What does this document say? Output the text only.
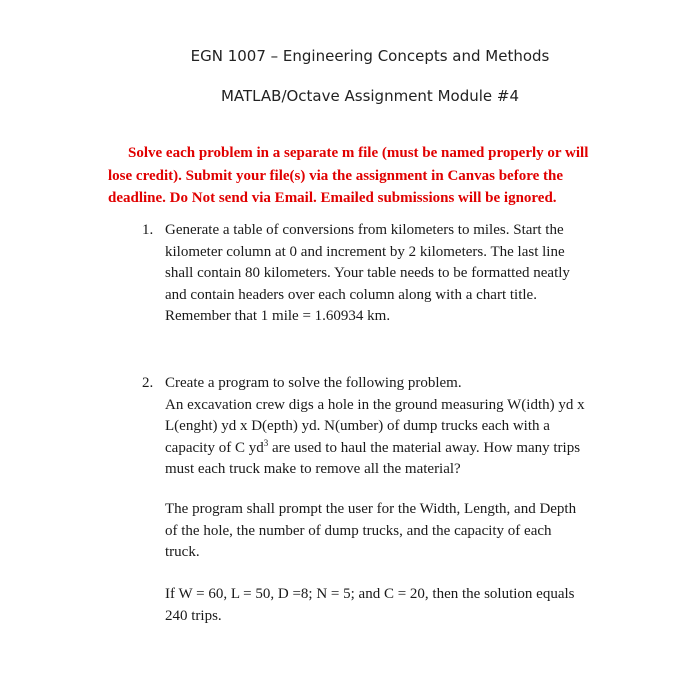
EGN 1007 – Engineering Concepts and Methods
MATLAB/Octave Assignment Module #4
Solve each problem in a separate m file (must be named properly or will
lose credit). Submit your file(s) via the assignment in Canvas before the
deadline. Do Not send via Email. Emailed submissions will be ignored.
1. Generate a table of conversions from kilometers to miles. Start the
kilometer column at 0 and increment by 2 kilometers. The last line
shall contain 80 kilometers. Your table needs to be formatted neatly
and contain headers over each column along with a chart title.
Remember that 1 mile = 1.60934 km.
2. Create a program to solve the following problem.
An excavation crew digs a hole in the ground measuring W(idth) yd x
L(enght) yd x D(epth) yd. N(umber) of dump trucks each with a
capacity of C $yd^3$ are used to haul the material away. How many trips
must each truck make to remove all the material?
The program shall prompt the user for the Width, Length, and Depth
of the hole, the number of dump trucks, and the capacity of each
truck.
If W = 60, L = 50, D =8; N = 5; and C = 20, then the solution equals
240 trips.
